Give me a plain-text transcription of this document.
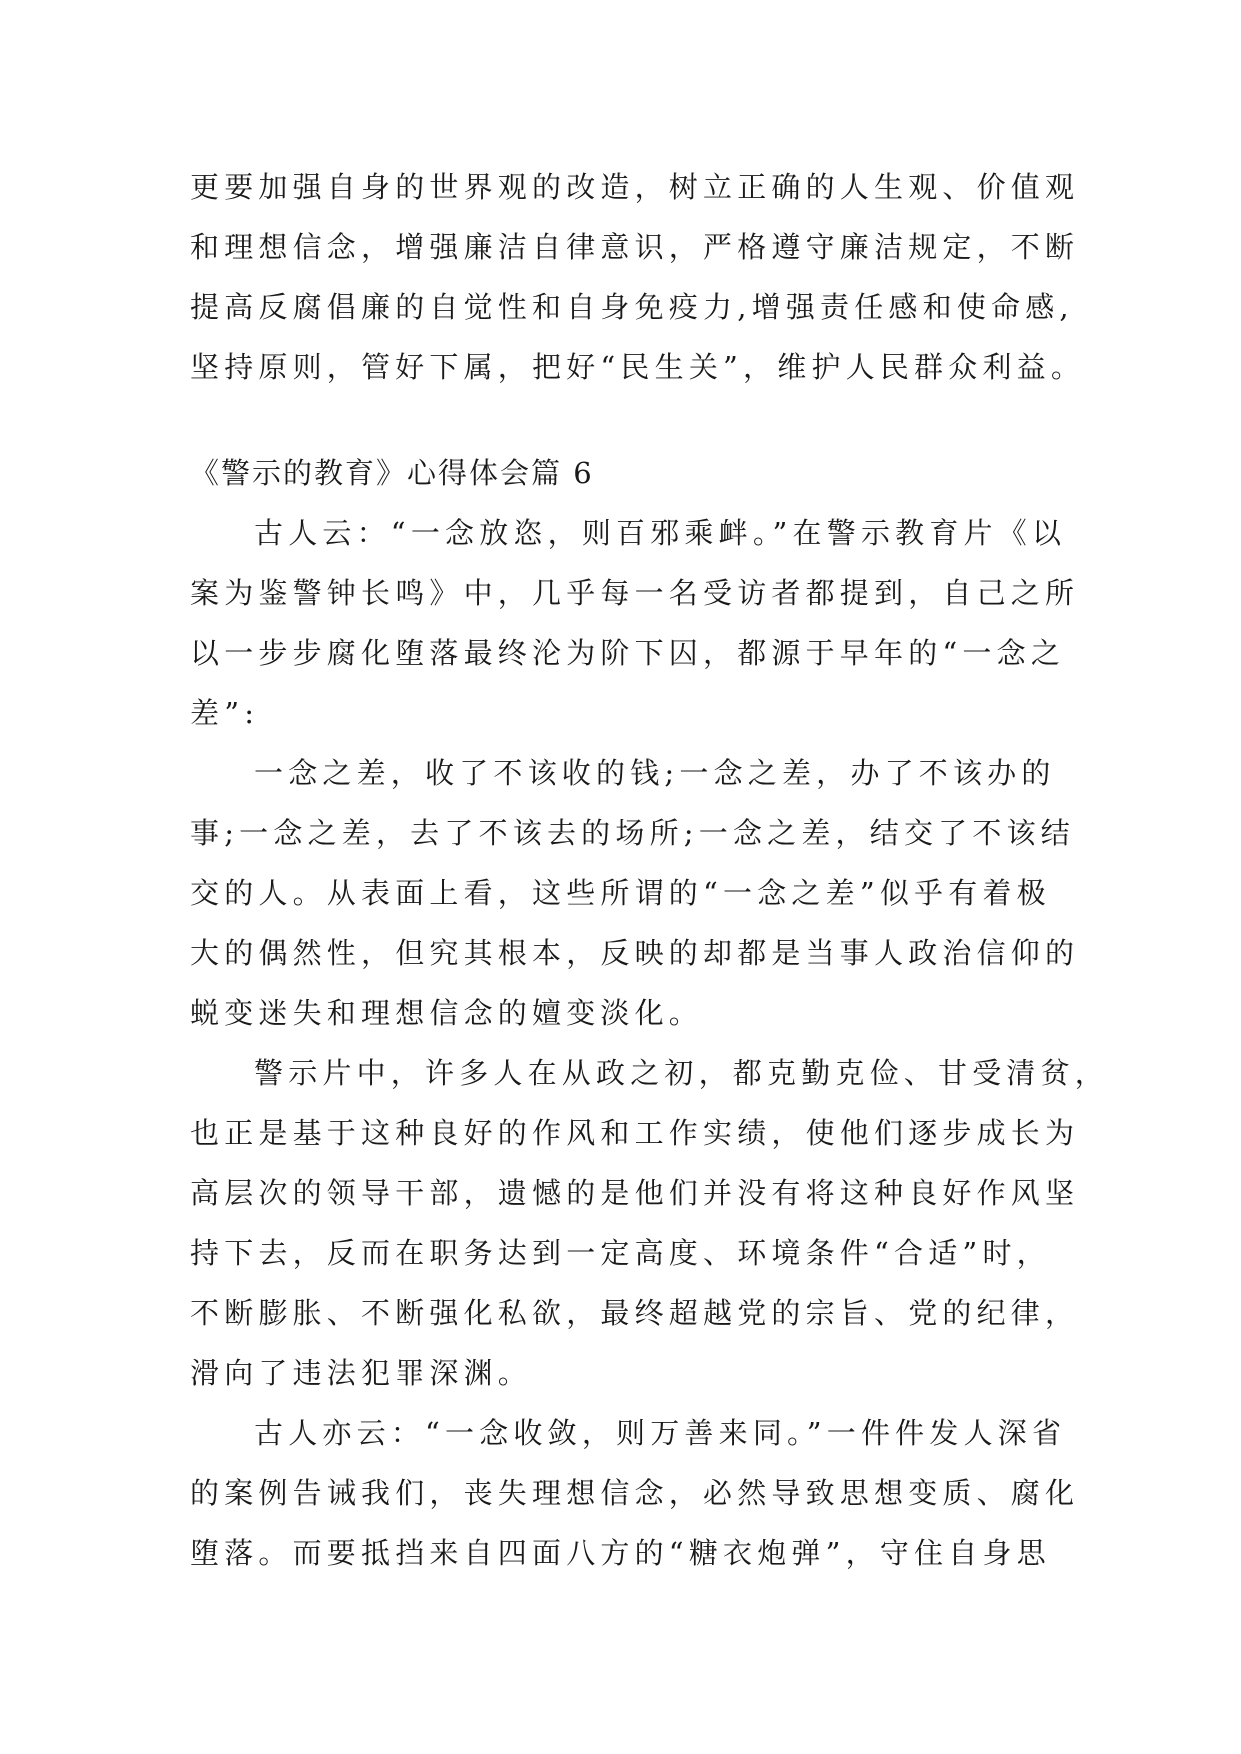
更要加强自身的世界观的改造，树立正确的人生观、价值观
和理想信念，增强廉洁自律意识，严格遵守廉洁规定，不断
提高反腐倡廉的自觉性和自身免疫力,增强责任感和使命感,
坚持原则，管好下属，把好“民生关”，维护人民群众利益。
《警示的教育》心得体会篇 6
古人云：“一念放恣，则百邪乘衅。”在警示教育片《以
案为鉴警钟长鸣》中，几乎每一名受访者都提到，自己之所
以一步步腐化堕落最终沦为阶下囚，都源于早年的“一念之
差”:
一念之差，收了不该收的钱;一念之差，办了不该办的
事;一念之差，去了不该去的场所;一念之差，结交了不该结
交的人。从表面上看，这些所谓的“一念之差”似乎有着极
大的偶然性，但究其根本，反映的却都是当事人政治信仰的
蜕变迷失和理想信念的嬗变淡化。
警示片中，许多人在从政之初，都克勤克俭、甘受清贫，
也正是基于这种良好的作风和工作实绩，使他们逐步成长为
高层次的领导干部，遗憾的是他们并没有将这种良好作风坚
持下去，反而在职务达到一定高度、环境条件“合适”时，
不断膨胀、不断强化私欲，最终超越党的宗旨、党的纪律，
滑向了违法犯罪深渊。
古人亦云：“一念收敛，则万善来同。”一件件发人深省
的案例告诫我们，丧失理想信念，必然导致思想变质、腐化
堕落。而要抵挡来自四面八方的“糖衣炮弹”，守住自身思
